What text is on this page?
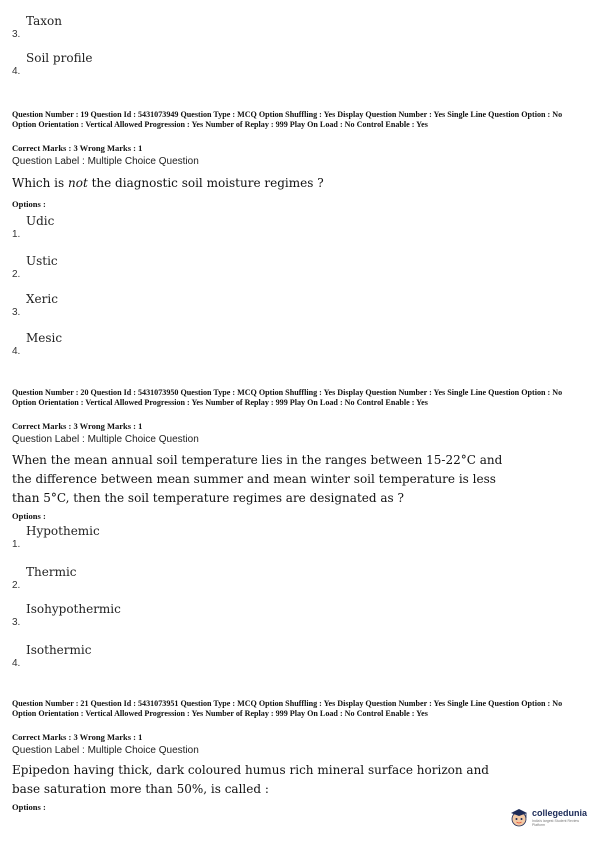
3.
Taxon
4.
Soil profile
Question Number : 19 Question Id : 5431073949 Question Type : MCQ Option Shuffling : Yes Display Question Number : Yes Single Line Question Option : No Option Orientation : Vertical Allowed Progression : Yes Number of Replay : 999 Play On Load : No Control Enable : Yes
Correct Marks : 3 Wrong Marks : 1
Question Label : Multiple Choice Question
Which is not the diagnostic soil moisture regimes ?
Options :
1.
Udic
2.
Ustic
3.
Xeric
4.
Mesic
Question Number : 20 Question Id : 5431073950 Question Type : MCQ Option Shuffling : Yes Display Question Number : Yes Single Line Question Option : No Option Orientation : Vertical Allowed Progression : Yes Number of Replay : 999 Play On Load : No Control Enable : Yes
Correct Marks : 3 Wrong Marks : 1
Question Label : Multiple Choice Question
When the mean annual soil temperature lies in the ranges between 15-22°C and
the difference between mean summer and mean winter soil temperature is less
than 5°C, then the soil temperature regimes are designated as ?
Options :
1.
Hypothemic
2.
Thermic
3.
Isohypothermic
4.
Isothermic
Question Number : 21 Question Id : 5431073951 Question Type : MCQ Option Shuffling : Yes Display Question Number : Yes Single Line Question Option : No Option Orientation : Vertical Allowed Progression : Yes Number of Replay : 999 Play On Load : No Control Enable : Yes
Correct Marks : 3 Wrong Marks : 1
Question Label : Multiple Choice Question
Epipedon having thick, dark coloured humus rich mineral surface horizon and
base saturation more than 50%, is called :
Options :
collegedunia
India's largest Student Review Platform
